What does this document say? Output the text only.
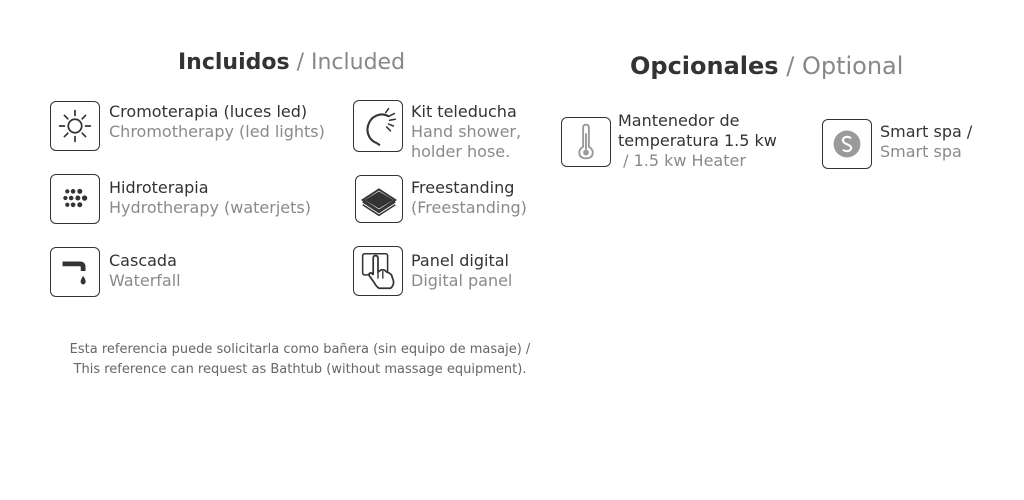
Incluidos / Included	Opcionales / Optional
Cromoterapia (luces led)
Chromotherapy (led lights)
Kit teleducha
Hand shower,
holder hose.
Hidroterapia
Hydrotherapy (waterjets)
Freestanding
(Freestanding)
Cascada
Waterfall
Panel digital
Digital panel
Esta referencia puede solicitarla como bañera (sin equipo de masaje) / This reference can request as Bathtub (without massage equipment).
Mantenedor de
temperatura 1.5 kw
/ 1.5 kw Heater
Smart spa /
Smart spa
